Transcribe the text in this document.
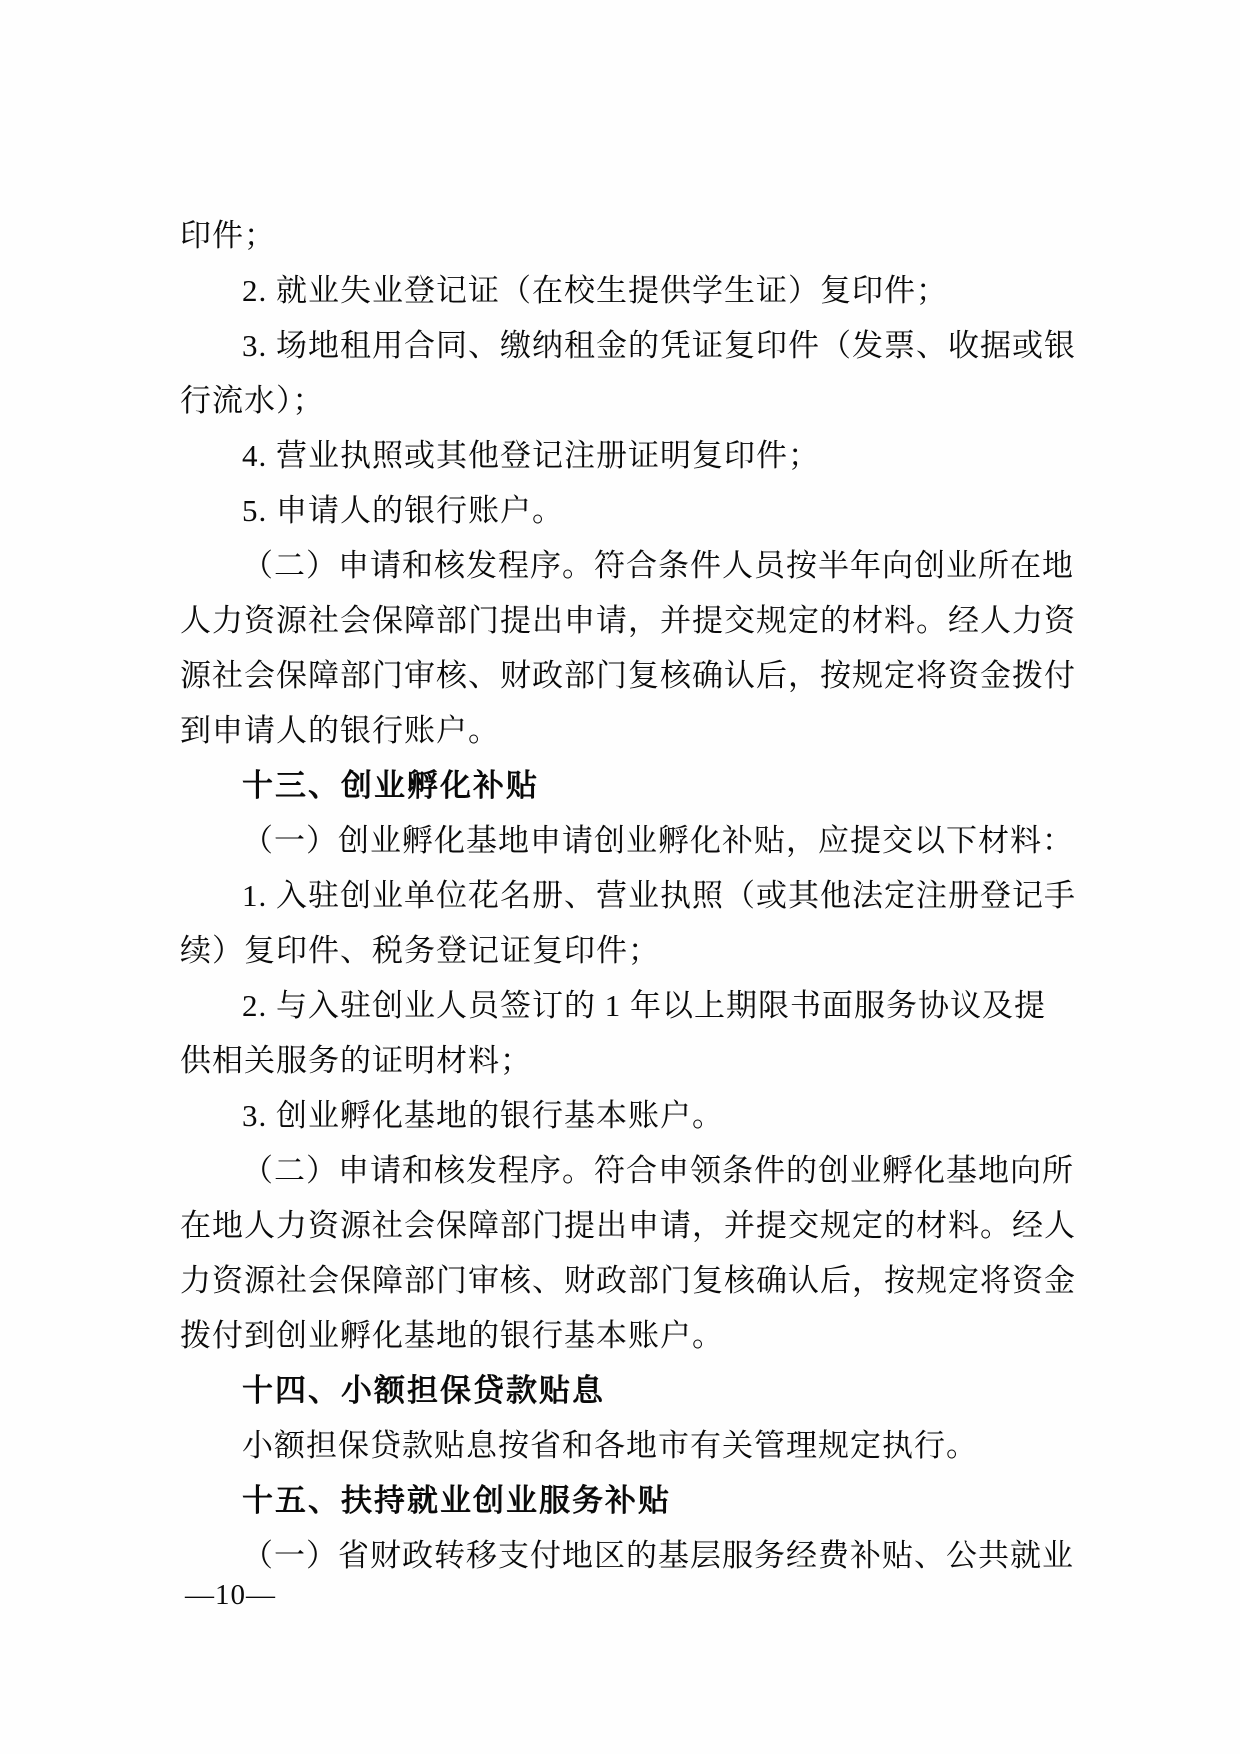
印件；
2. 就业失业登记证（在校生提供学生证）复印件；
3. 场地租用合同、缴纳租金的凭证复印件（发票、收据或银
行流水）；
4. 营业执照或其他登记注册证明复印件；
5. 申请人的银行账户。
（二）申请和核发程序。符合条件人员按半年向创业所在地
人力资源社会保障部门提出申请，并提交规定的材料。经人力资
源社会保障部门审核、财政部门复核确认后，按规定将资金拨付
到申请人的银行账户。
十三、创业孵化补贴
（一）创业孵化基地申请创业孵化补贴，应提交以下材料：
1. 入驻创业单位花名册、营业执照（或其他法定注册登记手
续）复印件、税务登记证复印件；
2. 与入驻创业人员签订的 1 年以上期限书面服务协议及提
供相关服务的证明材料；
3. 创业孵化基地的银行基本账户。
（二）申请和核发程序。符合申领条件的创业孵化基地向所
在地人力资源社会保障部门提出申请，并提交规定的材料。经人
力资源社会保障部门审核、财政部门复核确认后，按规定将资金
拨付到创业孵化基地的银行基本账户。
十四、小额担保贷款贴息
小额担保贷款贴息按省和各地市有关管理规定执行。
十五、扶持就业创业服务补贴
（一）省财政转移支付地区的基层服务经费补贴、公共就业
—10—
